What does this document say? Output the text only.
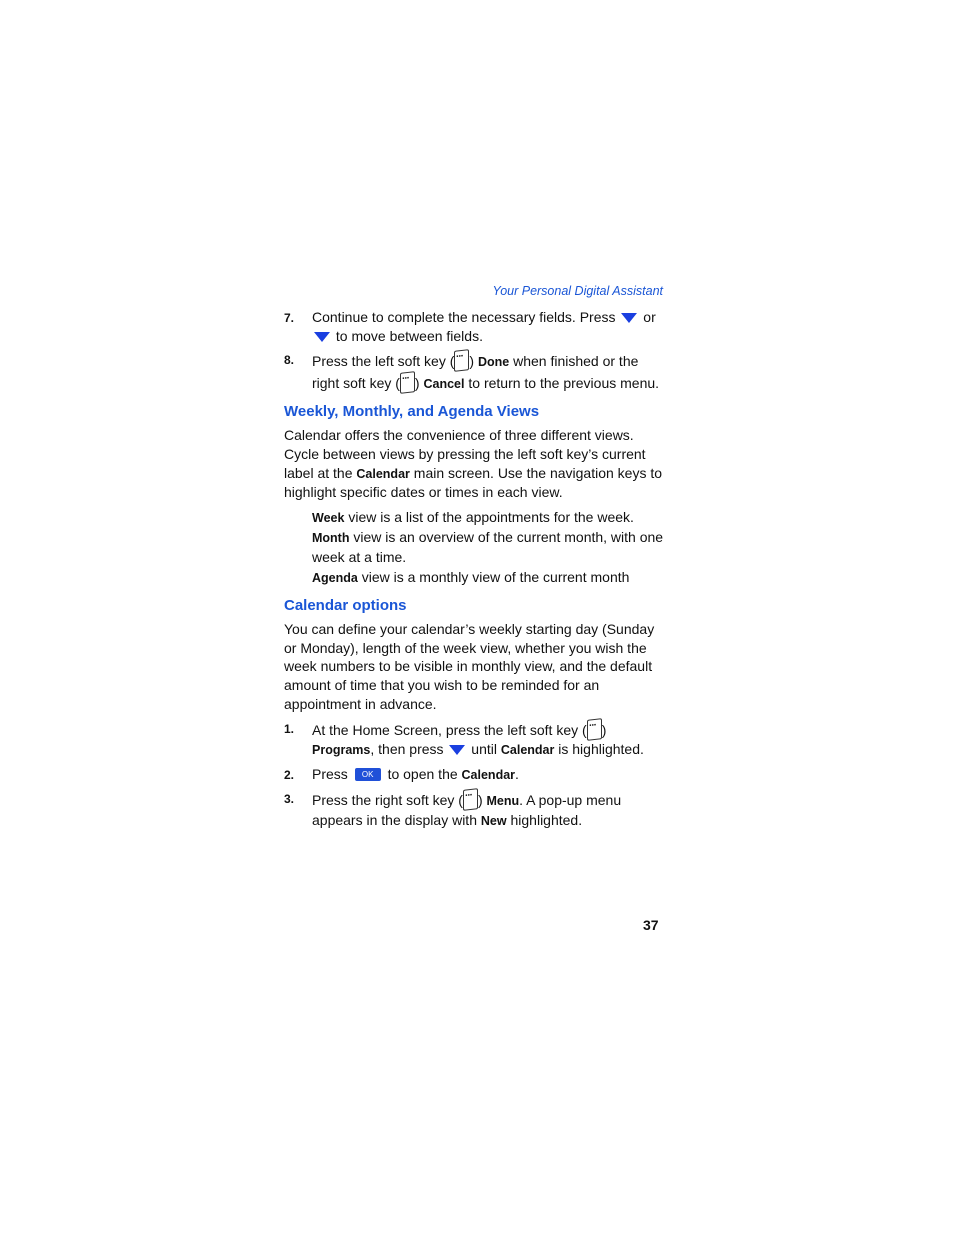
Your Personal Digital Assistant
7. Continue to complete the necessary fields. Press or
to move between fields.
8. Press the left soft key ( ··· ) Done when finished or the right soft key ( ··· ) Cancel to return to the previous menu.
Weekly, Monthly, and Agenda Views

Calendar offers the convenience of three different views. Cycle between views by pressing the left soft key’s current label at the Calendar main screen. Use the navigation keys to highlight specific dates or times in each view.

Week view is a list of the appointments for the week.
Month view is an overview of the current month, with one week at a time.
Agenda view is a monthly view of the current month
Calendar options

You can define your calendar’s weekly starting day (Sunday or Monday), length of the week view, whether you wish the week numbers to be visible in monthly view, and the default amount of time that you wish to be reminded for an appointment in advance.

1. At the Home Screen, press the left soft key ( ··· )
Programs, then press until Calendar is highlighted.
2. Press OK to open the Calendar.
3. Press the right soft key ( ··· ) Menu. A pop-up menu appears in the display with New highlighted.
37
